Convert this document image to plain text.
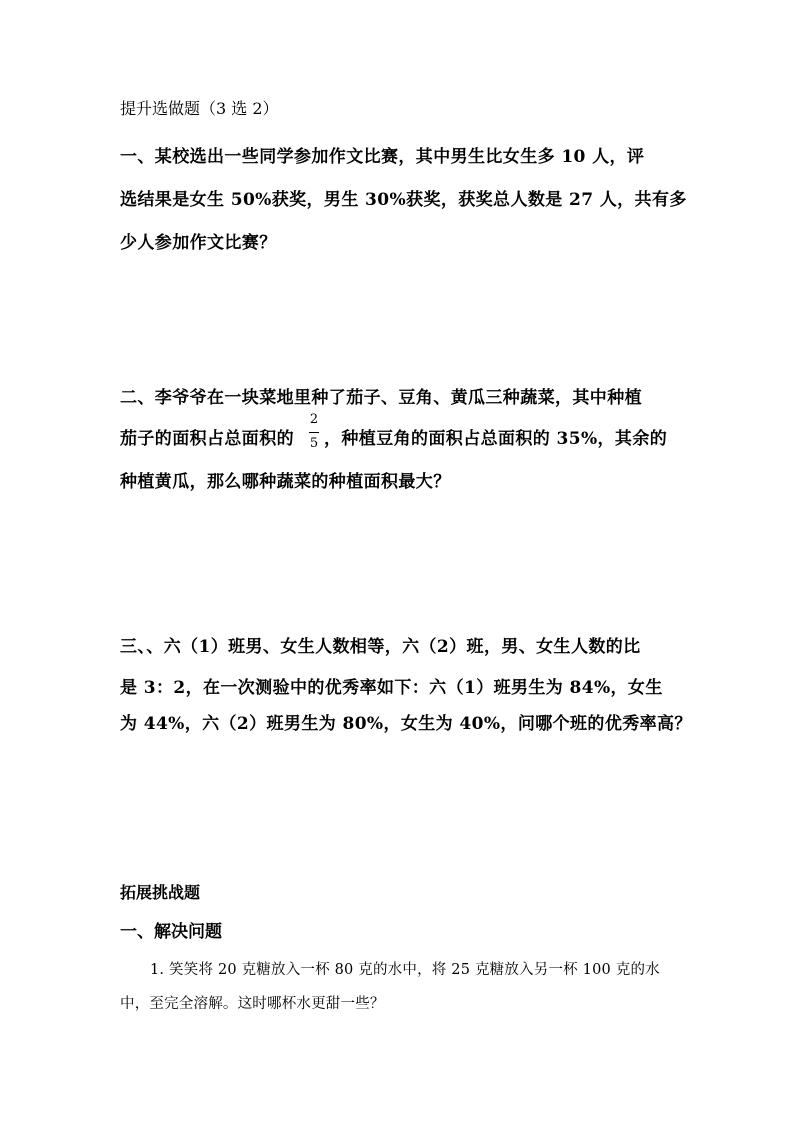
提升选做题（3 选 2）
一、某校选出一些同学参加作文比赛，其中男生比女生多 10 人，评
选结果是女生 50%获奖，男生 30%获奖，获奖总人数是 27 人，共有多
少人参加作文比赛？
二、李爷爷在一块菜地里种了茄子、豆角、黄瓜三种蔬菜，其中种植
茄子的面积占总面积的
2
5 ，种植豆角的面积占总面积的 35%，其余的
种植黄瓜，那么哪种蔬菜的种植面积最大？
三、、六（1）班男、女生人数相等，六（2）班，男、女生人数的比
是 3：2，在一次测验中的优秀率如下：六（1）班男生为 84%，女生
为 44%，六（2）班男生为 80%，女生为 40%，问哪个班的优秀率高？
拓展挑战题
一、解决问题
1. 笑笑将 20 克糖放入一杯 80 克的水中，将 25 克糖放入另一杯 100 克的水
中，至完全溶解。这时哪杯水更甜一些？
